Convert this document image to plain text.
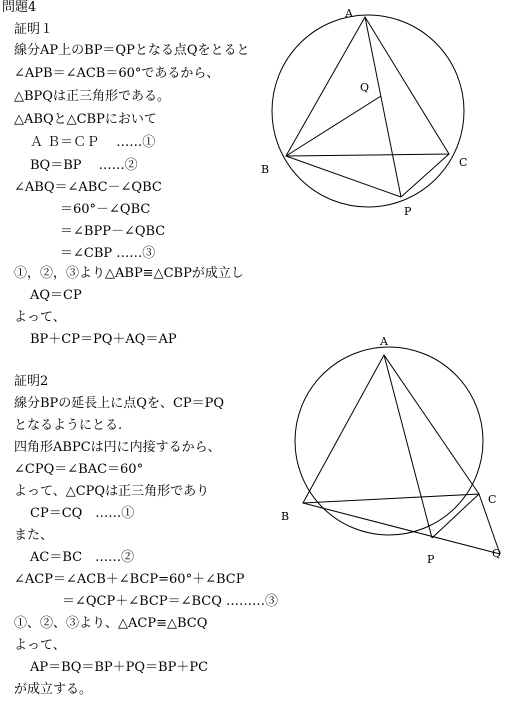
問題4
証明１
線分AP上のBP＝QPとなる点Qをとると
∠APB＝∠ACB＝60°であるから、
△BPQは正三角形である。
△ABQと△CBPにおいて
Ａ Ｂ＝ＣＰ　 ……①
BQ＝BP　 ……②
∠ABQ＝∠ABC－∠QBC
＝60°－∠QBC
＝∠BPP－∠QBC
＝∠CBP ……③
①，②，③より△ABP≡△CBPが成立し
AQ＝CP
よって、
BP＋CP＝PQ＋AQ＝AP
証明2
線分BPの延長上に点Qを、CP＝PQ
となるようにとる.
四角形ABPCは円に内接するから、
∠CPQ＝∠BAC＝60°
よって、△CPQは正三角形であり
CP＝CQ　……①
また、
AC＝BC　……②
∠ACP＝∠ACB＋∠BCP=60°＋∠BCP
＝∠QCP＋∠BCP＝∠BCQ ………③
①、②、③より、△ACP≡△BCQ
よって、
AP＝BQ＝BP＋PQ＝BP＋PC
が成立する。
A
B
C
P
Q
A
B
C
P	Q
